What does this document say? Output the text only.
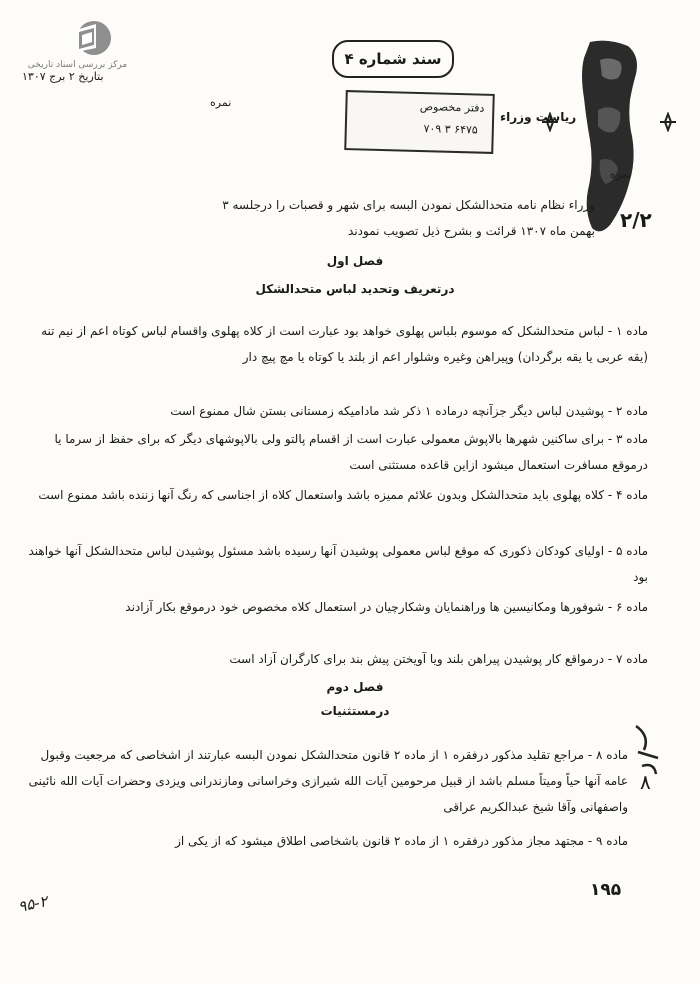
مرکز بررسی اسناد تاریخی
بتاریخ ۲ برج ۱۳۰۷
نمره
سند شماره ۴
دفتر مخصوص
۶۴۷۵ ۳ ۷۰۹
ریاست وزراء
نمره
۲/۲
وزراء نظام نامه متحدالشکل نمودن البسه برای شهر و قصبات را درجلسه ۳ بهمن ماه ۱۳۰۷ قرائت و بشرح ذیل تصویب نمودند
فصل اول
درتعریف وتحدید لباس متحدالشکل
ماده ۱ - لباس متحدالشکل که موسوم بلباس پهلوی خواهد بود عبارت است از کلاه پهلوی واقسام لباس کوتاه اعم از نیم تنه (یقه عربی یا یقه برگردان) وپیراهن وغیره وشلوار اعم از بلند یا کوتاه یا مچ پیچ دار
ماده ۲ - پوشیدن لباس دیگر جزآنچه درماده ۱ ذکر شد مادامیکه زمستانی بستن شال ممنوع است
ماده ۳ - برای ساکنین شهرها بالاپوش معمولی عبارت است از اقسام پالتو ولی بالاپوشهای دیگر که برای حفظ از سرما یا درموقع مسافرت استعمال میشود ازاین قاعده مستثنی است
ماده ۴ - کلاه پهلوی باید متحدالشکل وبدون علائم ممیزه باشد واستعمال کلاه از اجناسی که رنگ آنها زننده باشد ممنوع است
ماده ۵ - اولیای کودکان ذکوری که موقع لباس معمولی پوشیدن آنها رسیده باشد مسئول پوشیدن لباس متحدالشکل آنها خواهند بود
ماده ۶ - شوفورها ومکانیسین ها وراهنمایان وشکارچیان در استعمال کلاه مخصوص خود درموقع بکار آزادند
ماده ۷ - درمواقع کار پوشیدن پیراهن بلند ویا آویختن پیش بند برای کارگران آزاد است
فصل دوم
درمستثنیات
ماده ۸ - مراجع تقلید مذکور درفقره ۱ از ماده ۲ قانون متحدالشکل نمودن البسه عبارتند از اشخاصی که مرجعیت وقبول عامه آنها حیاً ومیتاً مسلم باشد از قبیل مرحومین آیات الله شیرازی وخراسانی ومازندرانی ویزدی وحضرات آیات الله نائینی واصفهانی وآقا شیخ عبدالکریم عراقی
ماده ۹ - مجتهد مجاز مذکور درفقره ۱ از ماده ۲ قانون باشخاصی اطلاق میشود که از یکی از
۸
۱۹۵
۹۵-۲
